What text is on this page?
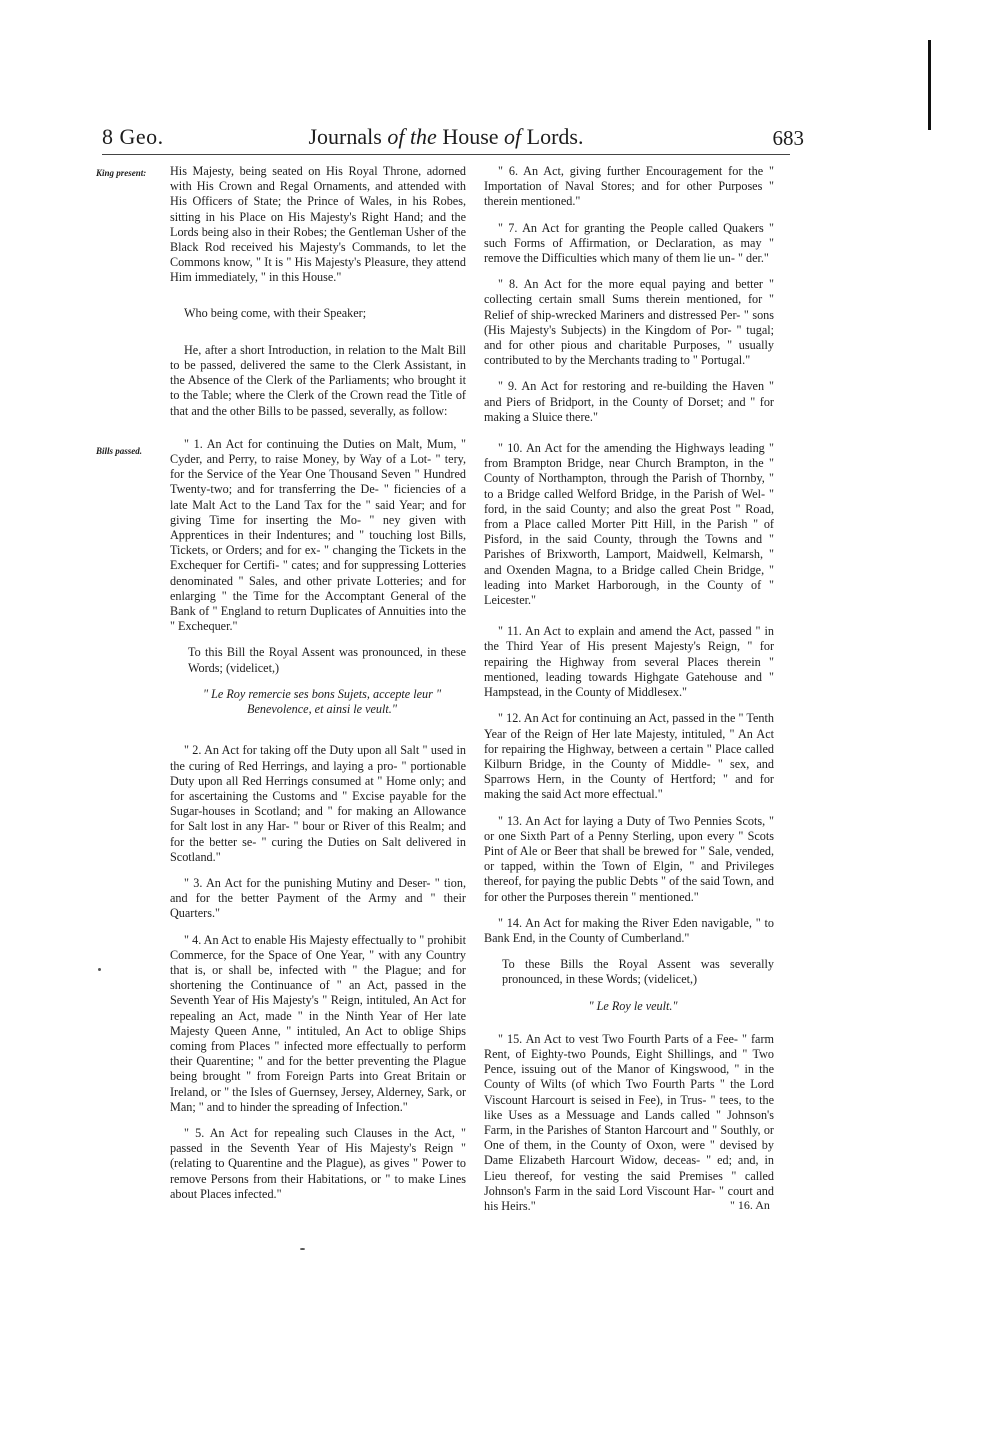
8 Geo.	Journals of the House of Lords.	683
King present:
Bills passed.

His Majesty, being seated on His Royal Throne, adorned with His Crown and Regal Ornaments, and attended with His Officers of State; the Prince of Wales, in his Robes, sitting in his Place on His Majesty's Right Hand; and the Lords being also in their Robes; the Gentleman Usher of the Black Rod received his Majesty's Commands, to let the Commons know, " It is " His Majesty's Pleasure, they attend Him immediately, " in this House."

Who being come, with their Speaker;

He, after a short Introduction, in relation to the Malt Bill to be passed, delivered the same to the Clerk Assistant, in the Absence of the Clerk of the Parliaments; who brought it to the Table; where the Clerk of the Crown read the Title of that and the other Bills to be passed, severally, as follow:

" 1. An Act for continuing the Duties on Malt, Mum, " Cyder, and Perry, to raise Money, by Way of a Lot- " tery, for the Service of the Year One Thousand Seven " Hundred Twenty-two; and for transferring the De- " ficiencies of a late Malt Act to the Land Tax for the " said Year; and for giving Time for inserting the Mo- " ney given with Apprentices in their Indentures; and " touching lost Bills, Tickets, or Orders; and for ex- " changing the Tickets in the Exchequer for Certifi- " cates; and for suppressing Lotteries denominated " Sales, and other private Lotteries; and for enlarging " the Time for the Accomptant General of the Bank of " England to return Duplicates of Annuities into the " Exchequer."

To this Bill the Royal Assent was pronounced, in these Words; (videlicet,)

" Le Roy remercie ses bons Sujets, accepte leur " Benevolence, et ainsi le veult."

" 2. An Act for taking off the Duty upon all Salt " used in the curing of Red Herrings, and laying a pro- " portionable Duty upon all Red Herrings consumed at " Home only; and for ascertaining the Customs and " Excise payable for the Sugar-houses in Scotland; and " for making an Allowance for Salt lost in any Har- " bour or River of this Realm; and for the better se- " curing the Duties on Salt delivered in Scotland."

" 3. An Act for the punishing Mutiny and Deser- " tion, and for the better Payment of the Army and " their Quarters."

" 4. An Act to enable His Majesty effectually to " prohibit Commerce, for the Space of One Year, " with any Country that is, or shall be, infected with " the Plague; and for shortening the Continuance of " an Act, passed in the Seventh Year of His Majesty's " Reign, intituled, An Act for repealing an Act, made " in the Ninth Year of Her late Majesty Queen Anne, " intituled, An Act to oblige Ships coming from Places " infected more effectually to perform their Quarentine; " and for the better preventing the Plague being brought " from Foreign Parts into Great Britain or Ireland, or " the Isles of Guernsey, Jersey, Alderney, Sark, or Man; " and to hinder the spreading of Infection."

" 5. An Act for repealing such Clauses in the Act, " passed in the Seventh Year of His Majesty's Reign " (relating to Quarentine and the Plague), as gives " Power to remove Persons from their Habitations, or " to make Lines about Places infected."

" 6. An Act, giving further Encouragement for the " Importation of Naval Stores; and for other Purposes " therein mentioned."

" 7. An Act for granting the People called Quakers " such Forms of Affirmation, or Declaration, as may " remove the Difficulties which many of them lie un- " der."

" 8. An Act for the more equal paying and better " collecting certain small Sums therein mentioned, for " Relief of ship-wrecked Mariners and distressed Per- " sons (His Majesty's Subjects) in the Kingdom of Por- " tugal; and for other pious and charitable Purposes, " usually contributed to by the Merchants trading to " Portugal."

" 9. An Act for restoring and re-building the Haven " and Piers of Bridport, in the County of Dorset; and " for making a Sluice there."

" 10. An Act for the amending the Highways leading " from Brampton Bridge, near Church Brampton, in the " County of Northampton, through the Parish of Thornby, " to a Bridge called Welford Bridge, in the Parish of Wel- " ford, in the said County; and also the great Post " Road, from a Place called Morter Pitt Hill, in the Parish " of Pisford, in the said County, through the Towns and " Parishes of Brixworth, Lamport, Maidwell, Kelmarsh, " and Oxenden Magna, to a Bridge called Chein Bridge, " leading into Market Harborough, in the County of " Leicester."

" 11. An Act to explain and amend the Act, passed " in the Third Year of His present Majesty's Reign, " for repairing the Highway from several Places therein " mentioned, leading towards Highgate Gatehouse and " Hampstead, in the County of Middlesex."

" 12. An Act for continuing an Act, passed in the " Tenth Year of the Reign of Her late Majesty, intituled, " An Act for repairing the Highway, between a certain " Place called Kilburn Bridge, in the County of Middle- " sex, and Sparrows Hern, in the County of Hertford; " and for making the said Act more effectual."

" 13. An Act for laying a Duty of Two Pennies Scots, " or one Sixth Part of a Penny Sterling, upon every " Scots Pint of Ale or Beer that shall be brewed for " Sale, vended, or tapped, within the Town of Elgin, " and Privileges thereof, for paying the public Debts " of the said Town, and for other the Purposes therein " mentioned."

" 14. An Act for making the River Eden navigable, " to Bank End, in the County of Cumberland."

To these Bills the Royal Assent was severally pronounced, in these Words; (videlicet,)

" Le Roy le veult."

" 15. An Act to vest Two Fourth Parts of a Fee- " farm Rent, of Eighty-two Pounds, Eight Shillings, and " Two Pence, issuing out of the Manor of Kingswood, " in the County of Wilts (of which Two Fourth Parts " the Lord Viscount Harcourt is seised in Fee), in Trus- " tees, to the like Uses as a Messuage and Lands called " Johnson's Farm, in the Parishes of Stanton Harcourt and " Southly, or One of them, in the County of Oxon, were " devised by Dame Elizabeth Harcourt Widow, deceas- " ed; and, in Lieu thereof, for vesting the said Premises " called Johnson's Farm in the said Lord Viscount Har- " court and his Heirs."	" 16. An
